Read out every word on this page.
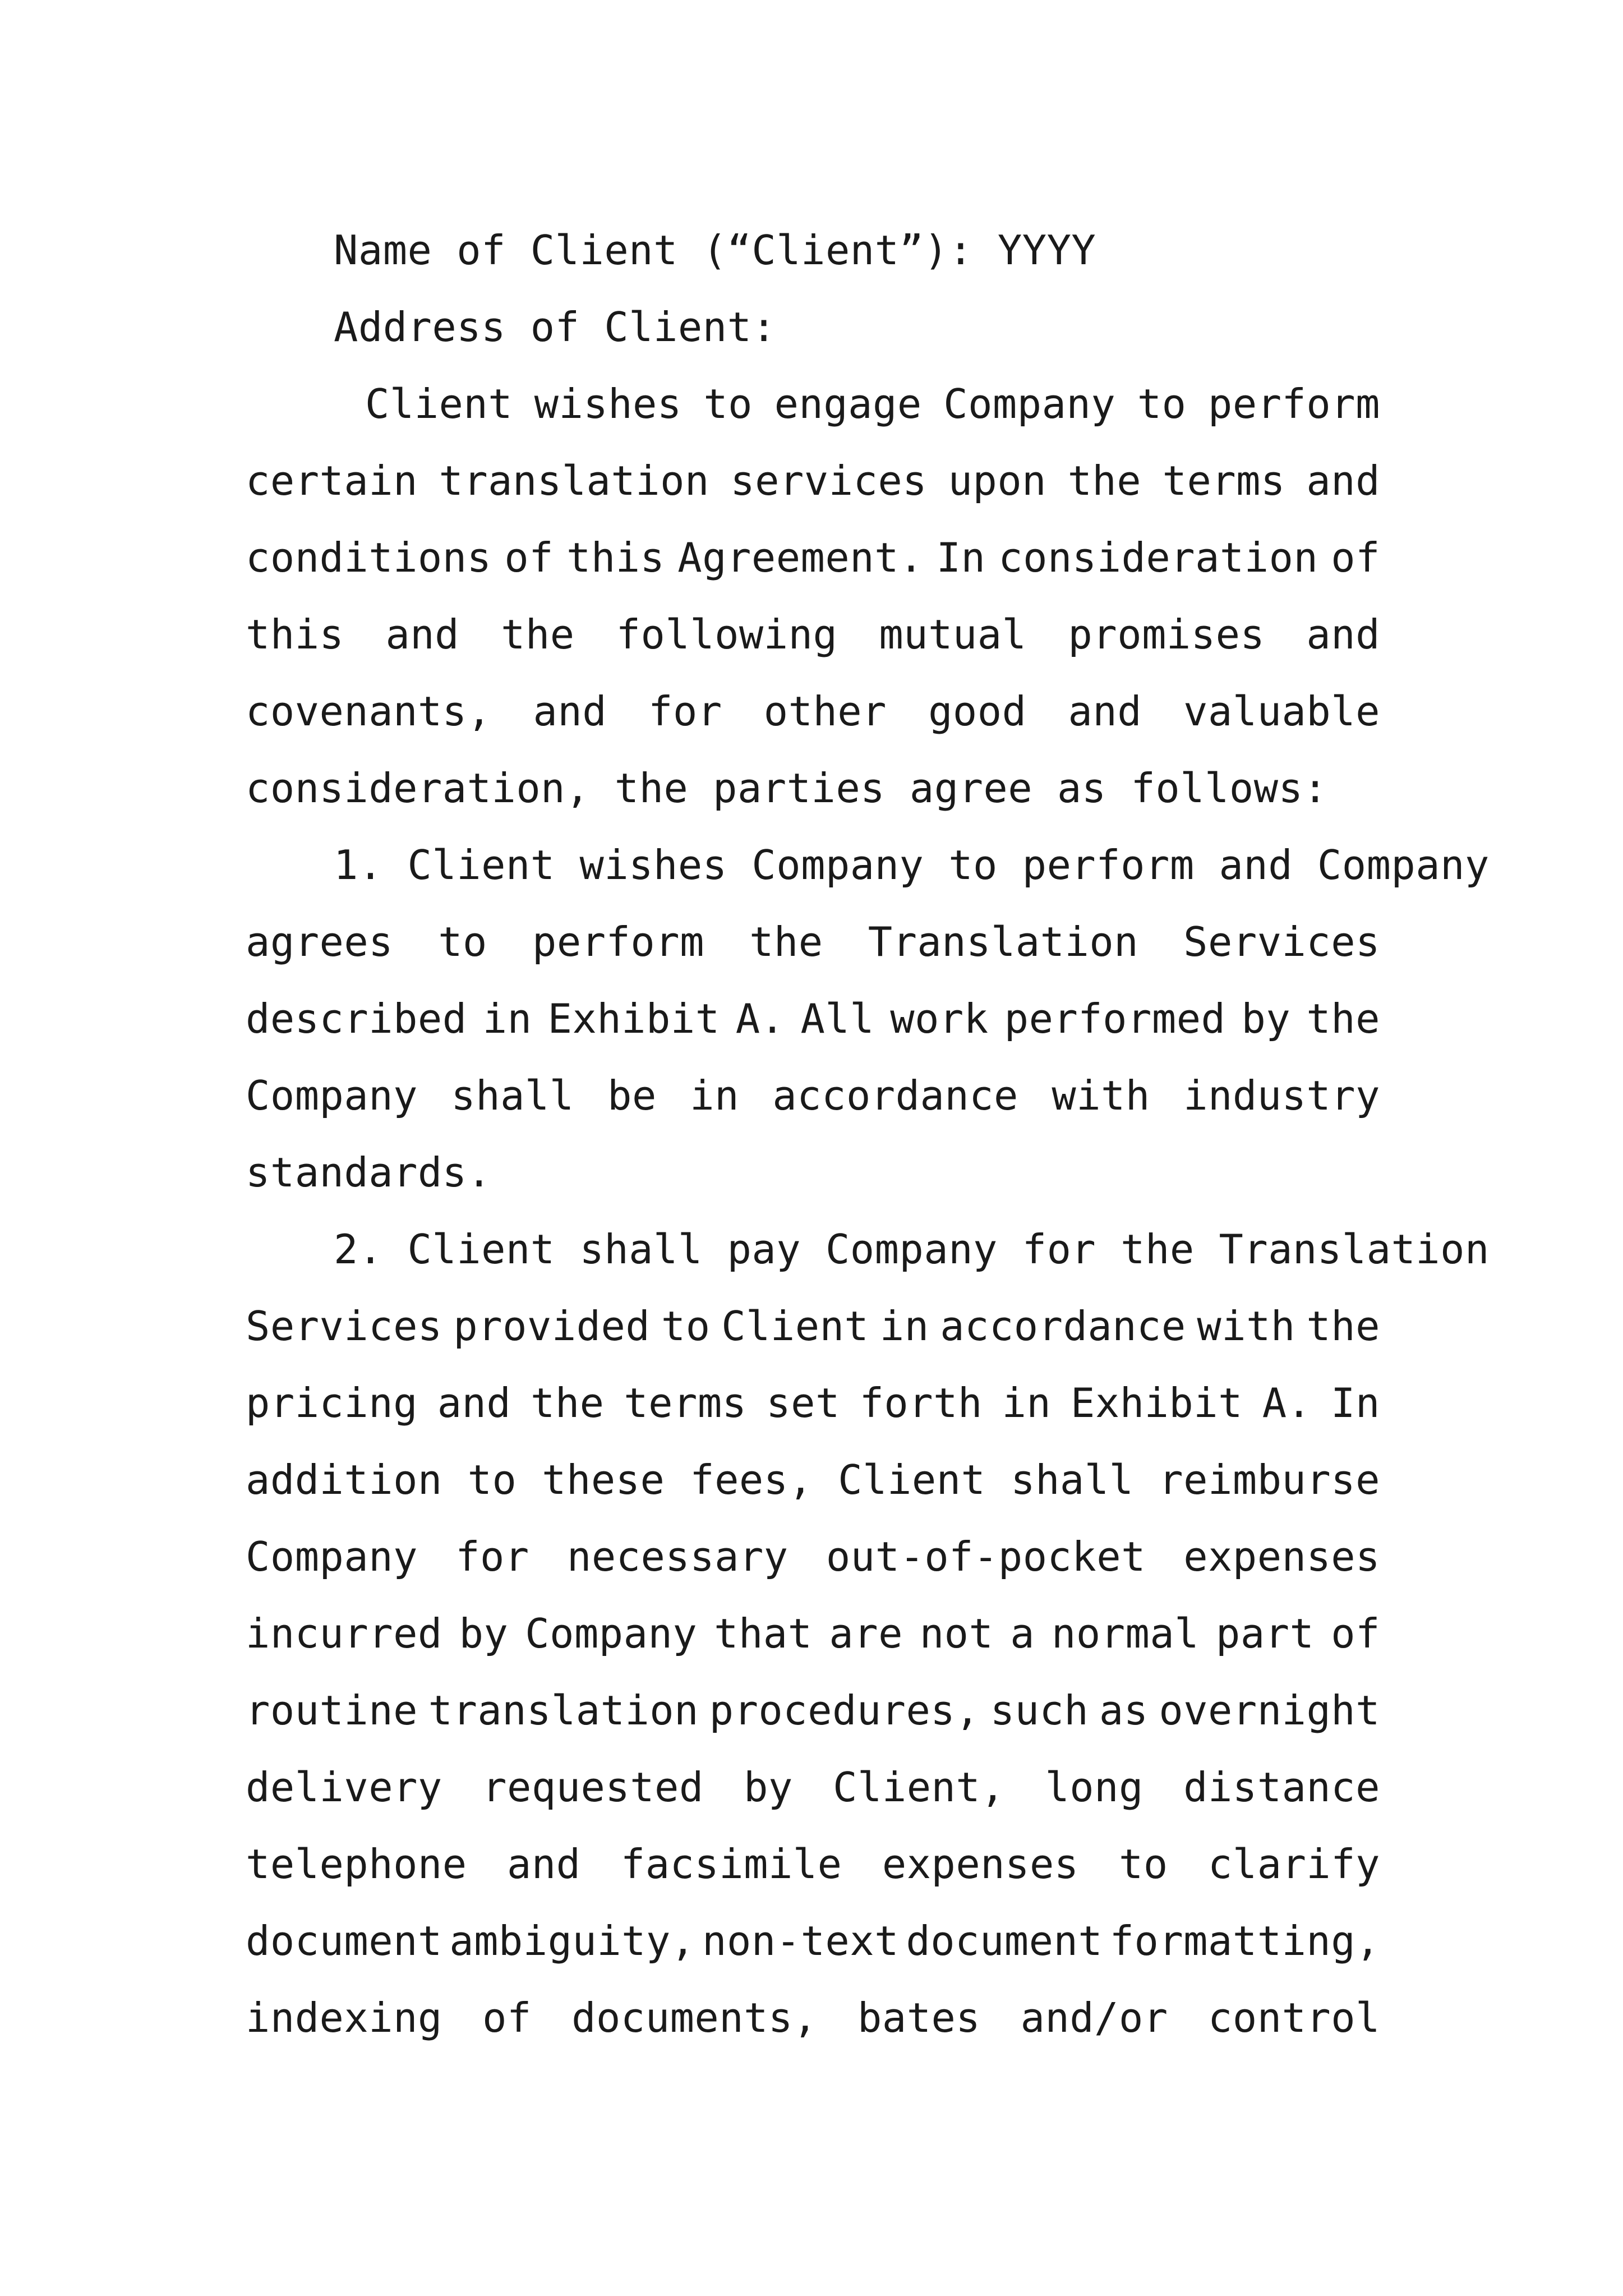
Name of Client (“Client”): YYYY
Address of Client:
Client wishes to engage Company to perform
certain translation services upon the terms and
conditions of this Agreement. In consideration of
this and the following mutual promises and
covenants, and for other good and valuable
consideration, the parties agree as follows:
1. Client wishes Company to perform and Company
agrees to perform the Translation Services
described in Exhibit A. All work performed by the
Company shall be in accordance with industry
standards.
2. Client shall pay Company for the Translation
Services provided to Client in accordance with the
pricing and the terms set forth in Exhibit A. In
addition to these fees, Client shall reimburse
Company for necessary out-of-pocket expenses
incurred by Company that are not a normal part of
routine translation procedures, such as overnight
delivery requested by Client, long distance
telephone and facsimile expenses to clarify
document ambiguity, non-text document formatting,
indexing of documents, bates and/or control
